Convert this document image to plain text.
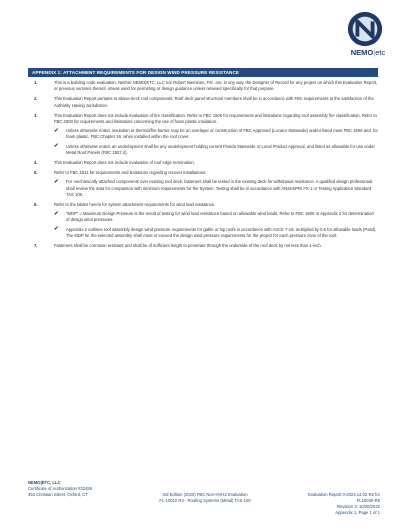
NEMO|etc
APPENDIX 1: ATTACHMENT REQUIREMENTS FOR DESIGN WIND PRESSURE RESISTANCE
1.	This is a building code evaluation. Neither NEMO|ETC, LLC nor Robert Nieminen, P.E. are, in any way, the Designer of Record for any project on which this Evaluation Report, or previous versions thereof, is/was used for permitting or design guidance unless retained specifically for that purpose.
2.	This Evaluation Report pertains to above-deck roof components. Roof deck panel structural members shall be in accordance with FBC requirements to the satisfaction of the Authority Having Jurisdiction.
3.	This Evaluation Report does not include evaluation of fire classification. Refer to FBC 1505 for requirements and limitations regarding roof assembly fire classification. Refer to FBC 2603 for requirements and limitations concerning the use of foam plastic insulation.
✔ Unless otherwise noted, insulation or thermal/fire barrier may be an overlayer or construction of FBC Approved (Locator Statewide) and/or listed meet FBC 1508 and, for foam plastic, FBC Chapter 26, when installed within the roof cover.
✔ Unless otherwise noted, an underlayment shall be any underlayment holding current Florida Statewide or Local Product Approval, and listed as allowable for use under Metal Roof Panels (FBC 1507.4).
4.	This Evaluation Report does not include evaluation of roof edge termination.
5.	Refer to FBC 1511 for requirements and limitations regarding recover installations.
✔ For mechanically attached components over existing roof deck, fasteners shall be tested in the existing deck for withdrawal resistance. A qualified design professional shall review the data for comparison with minimum requirements for the System. Testing shall be in accordance with ANSI/SPRI FX-1 or Testing Application Standard TAS 105.
6.	Refer to the tables herein for system attachment requirements for wind load resistance.
✔ "MDP" = Maximum Design Pressure is the result of testing for wind load resistance based on allowable wind loads. Refer to FBC 1609 or Appendix 2 for determination of design wind pressures.
✔ Appendix 2 outlines roof assembly design wind pressure requirements for gable or hip roofs in accordance with ASCE 7-16, multiplied by 0.6 for allowable loads (Pasd). The MDP for the selected assembly shall meet or exceed the design wind pressure requirements for the project for each pressure zone of the roof.
7.	Fasteners shall be corrosion resistant and shall be of sufficient length to penetrate through the underside of the roof deck by not less than 1-inch.
NEMO|ETC, LLC
Certificate of Authorization #32455
353 Christian Street, Oxford, CT	3rd Edition (2020) FBC Non-HVHZ Evaluation
FL-10010 R3 - Roofing Systems (Metal) TAS-100
Evaluation Report 0-2023.14.02-R2 for FL10030-R5
Revision 3: 10/20/2022
Appendix 1, Page 1 of 1
